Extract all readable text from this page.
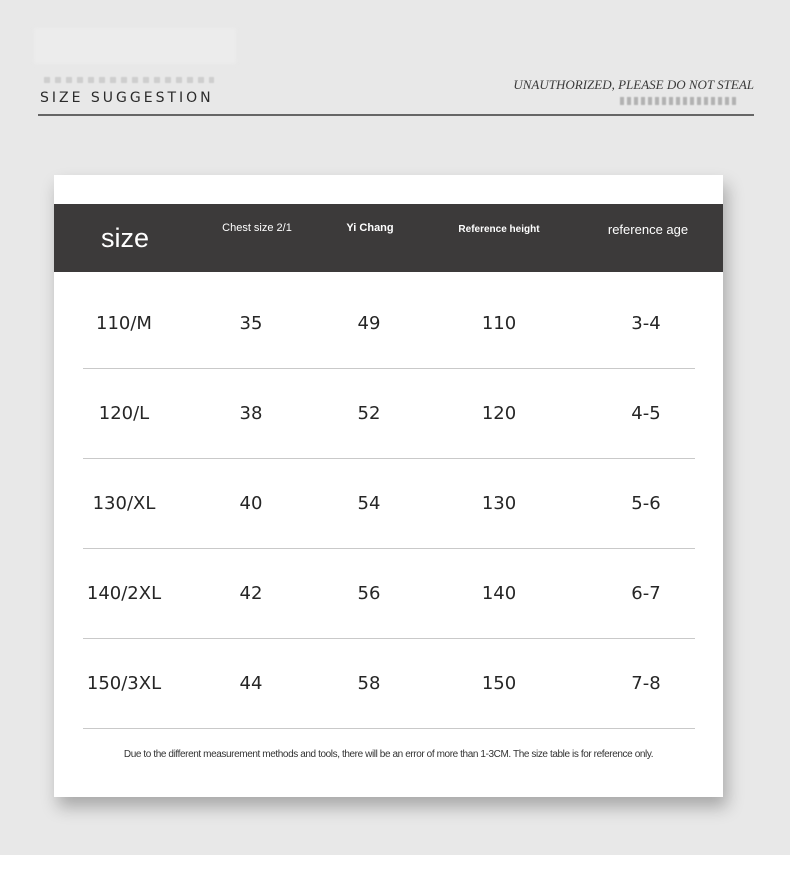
SIZE SUGGESTION
UNAUTHORIZED, PLEASE DO NOT STEAL
size	Chest size 2/1	Yi Chang	Reference height	reference age
110/M	35	49	110	3-4
120/L	38	52	120	4-5
130/XL	40	54	130	5-6
140/2XL	42	56	140	6-7
150/3XL	44	58	150	7-8
Due to the different measurement methods and tools, there will be an error of more than 1-3CM. The size table is for reference only.
